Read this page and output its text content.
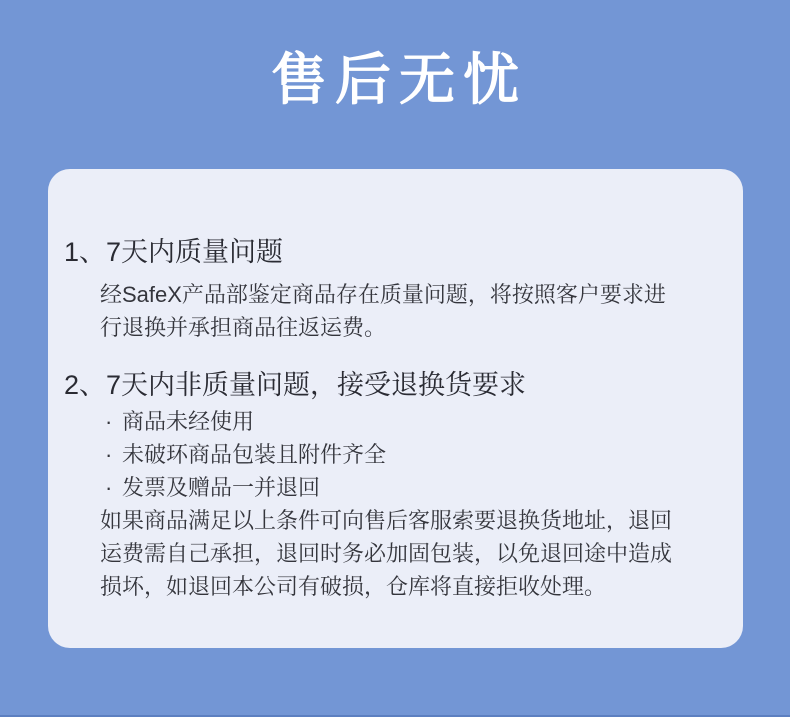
售后无忧
1、7天内质量问题
经SafeX产品部鉴定商品存在质量问题，将按照客户要求进
行退换并承担商品往返运费。
2、7天内非质量问题，接受退换货要求
· 商品未经使用
· 未破环商品包装且附件齐全
· 发票及赠品一并退回
如果商品满足以上条件可向售后客服索要退换货地址，退回
运费需自己承担，退回时务必加固包装，以免退回途中造成
损坏，如退回本公司有破损，仓库将直接拒收处理。
